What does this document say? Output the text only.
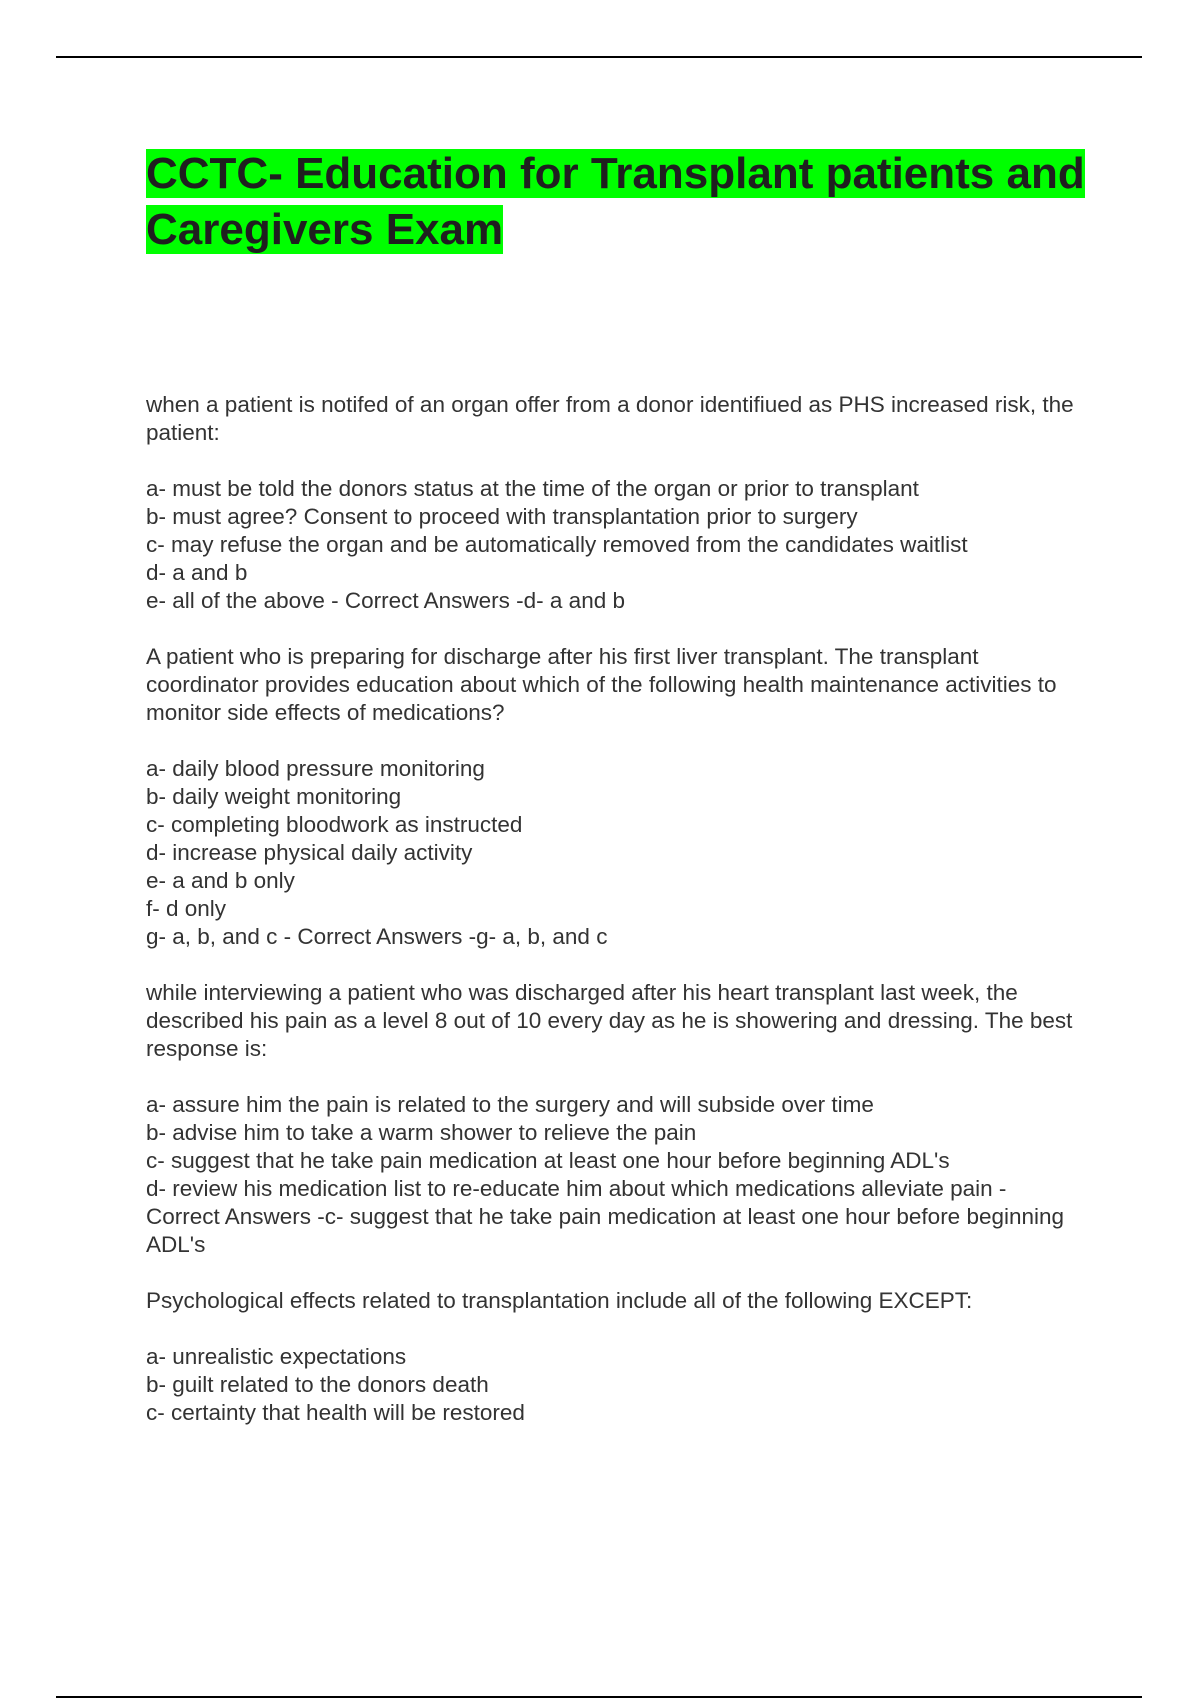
CCTC- Education for Transplant patients and Caregivers Exam

when a patient is notifed of an organ offer from a donor identifiued as PHS increased risk, the patient:

a- must be told the donors status at the time of the organ or prior to transplant
b- must agree? Consent to proceed with transplantation prior to surgery
c- may refuse the organ and be automatically removed from the candidates waitlist
d- a and b
e- all of the above - Correct Answers -d- a and b

A patient who is preparing for discharge after his first liver transplant. The transplant coordinator provides education about which of the following health maintenance activities to monitor side effects of medications?

a- daily blood pressure monitoring
b- daily weight monitoring
c- completing bloodwork as instructed
d- increase physical daily activity
e- a and b only
f- d only
g- a, b, and c - Correct Answers -g- a, b, and c

while interviewing a patient who was discharged after his heart transplant last week, the described his pain as a level 8 out of 10 every day as he is showering and dressing. The best response is:

a- assure him the pain is related to the surgery and will subside over time
b- advise him to take a warm shower to relieve the pain
c- suggest that he take pain medication at least one hour before beginning ADL's
d- review his medication list to re-educate him about which medications alleviate pain - Correct Answers -c- suggest that he take pain medication at least one hour before beginning ADL's

Psychological effects related to transplantation include all of the following EXCEPT:

a- unrealistic expectations
b- guilt related to the donors death
c- certainty that health will be restored
